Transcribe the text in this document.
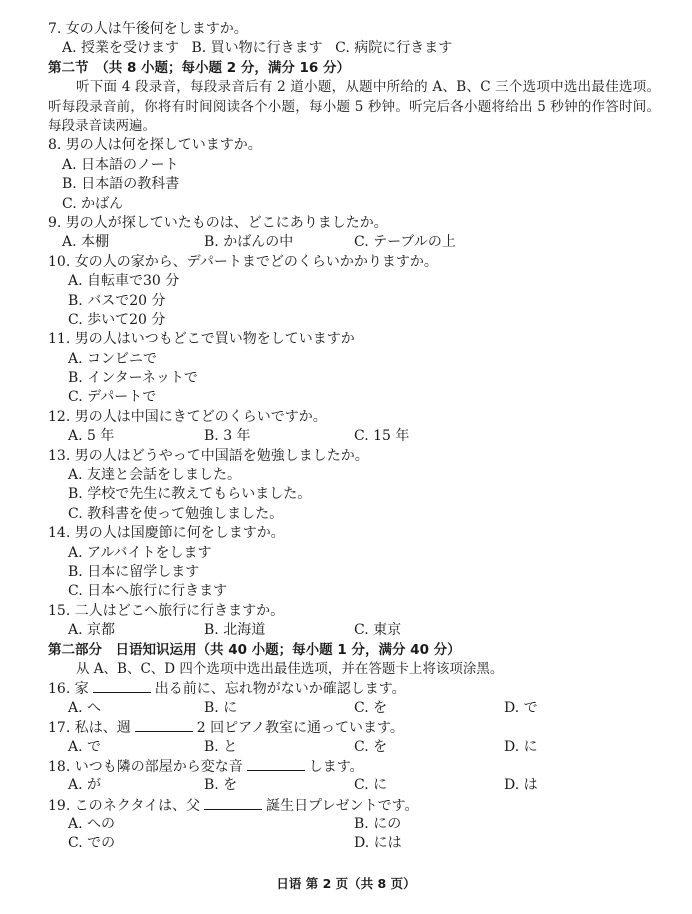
7. 女の人は午後何をしますか。
A. 授業を受けます B. 買い物に行きます C. 病院に行きます
第二节　（共 8 小题；每小题 2 分，满分 16 分）
听下面 4 段录音，每段录音后有 2 道小题，从题中所给的 A、B、C 三个选项中选出最佳选项。听每段录音前，你将有时间阅读各个小题，每小题 5 秒钟。听完后各小题将给出 5 秒钟的作答时间。每段录音读两遍。
8. 男の人は何を探していますか。
A. 日本語のノート
B. 日本語の教科書
C. かばん
9. 男の人が探していたものは、どこにありましたか。
A. 本棚	B. かばんの中	C. テーブルの上
10. 女の人の家から、デパートまでどのくらいかかりますか。
A. 自転車で30 分
B. バスで20 分
C. 歩いて20 分
11. 男の人はいつもどこで買い物をしていますか
A. コンビニで
B. インターネットで
C. デパートで
12. 男の人は中国にきてどのくらいですか。
A. 5 年	B. 3 年	C. 15 年
13. 男の人はどうやって中国語を勉強しましたか。
A. 友達と会話をしました。
B. 学校で先生に教えてもらいました。
C. 教科書を使って勉強しました。
14. 男の人は国慶節に何をしますか。
A. アルバイトをします
B. 日本に留学します
C. 日本へ旅行に行きます
15. 二人はどこへ旅行に行きますか。
A. 京都	B. 北海道	C. 東京
第二部分　日语知识运用（共 40 小题；每小题 1 分，满分 40 分）
从 A、B、C、D 四个选项中选出最佳选项，并在答题卡上将该项涂黑。
16. 家	出る前に、忘れ物がないか確認します。
A. へ	B. に	C. を	D. で
17. 私は、週	2 回ピアノ教室に通っています。
A. で	B. と	C. を	D. に
18. いつも隣の部屋から変な音	します。
A. が	B. を	C. に	D. は
19. このネクタイは、父	誕生日プレゼントです。
A. への	B. にの
C. での	D. には
日语 第 2 页（共 8 页）
